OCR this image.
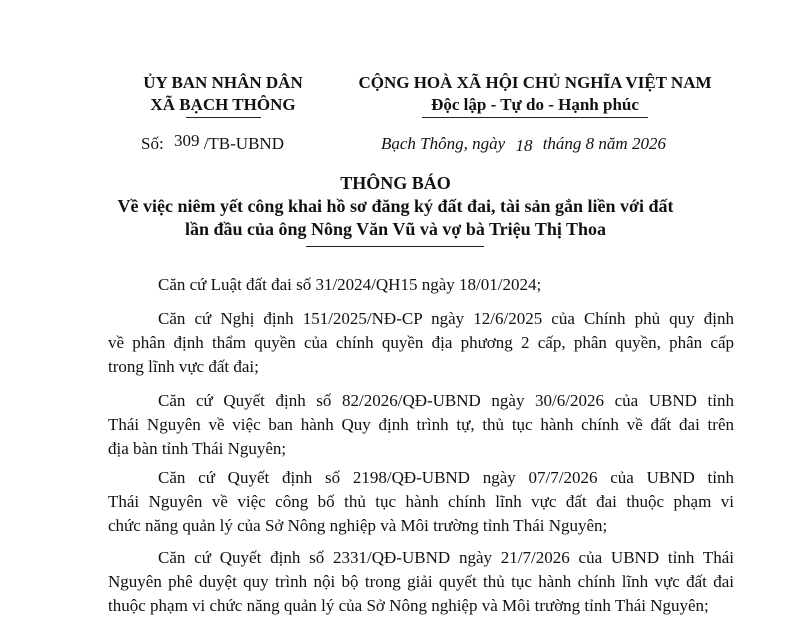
ỦY BAN NHÂN DÂN
XÃ BẠCH THÔNG
CỘNG HOÀ XÃ HỘI CHỦ NGHĨA VIỆT NAM
Độc lập - Tự do - Hạnh phúc
Số: 309 /TB-UBND	Bạch Thông, ngày 18 tháng 8 năm 2026
THÔNG BÁO
Về việc niêm yết công khai hồ sơ đăng ký đất đai, tài sản gắn liền với đất
lần đầu của ông Nông Văn Vũ và vợ bà Triệu Thị Thoa
Căn cứ Luật đất đai số 31/2024/QH15 ngày 18/01/2024;
Căn cứ Nghị định 151/2025/NĐ-CP ngày 12/6/2025 của Chính phủ quy định
về phân định thẩm quyền của chính quyền địa phương 2 cấp, phân quyền, phân cấp
trong lĩnh vực đất đai;
Căn cứ Quyết định số 82/2026/QĐ-UBND ngày 30/6/2026 của UBND tỉnh
Thái Nguyên về việc ban hành Quy định trình tự, thủ tục hành chính về đất đai trên
địa bàn tỉnh Thái Nguyên;
Căn cứ Quyết định số 2198/QĐ-UBND ngày 07/7/2026 của UBND tỉnh
Thái Nguyên về việc công bố thủ tục hành chính lĩnh vực đất đai thuộc phạm vi
chức năng quản lý của Sở Nông nghiệp và Môi trường tỉnh Thái Nguyên;
Căn cứ Quyết định số 2331/QĐ-UBND ngày 21/7/2026 của UBND tỉnh Thái
Nguyên phê duyệt quy trình nội bộ trong giải quyết thủ tục hành chính lĩnh vực đất đai
thuộc phạm vi chức năng quản lý của Sở Nông nghiệp và Môi trường tỉnh Thái Nguyên;
